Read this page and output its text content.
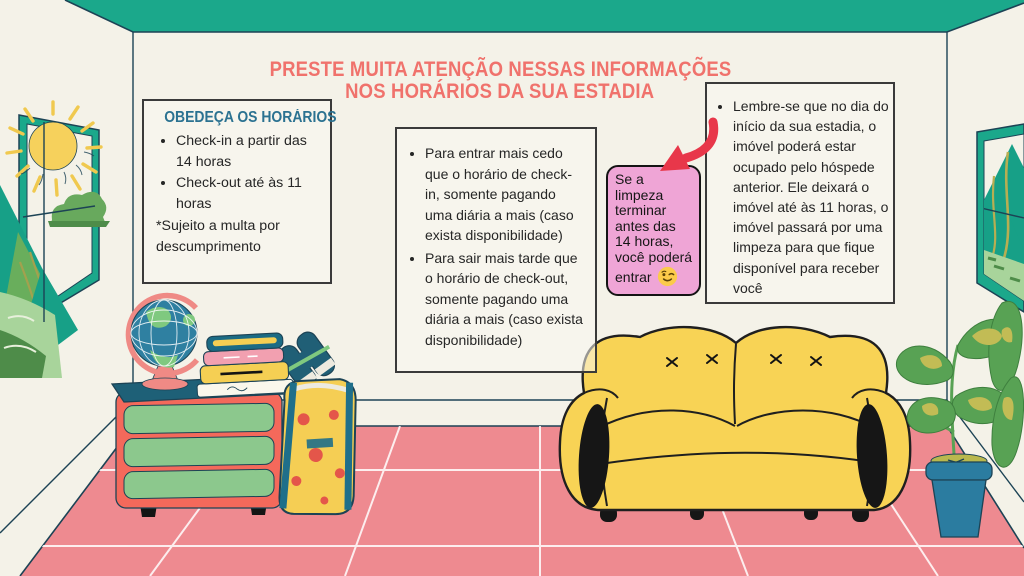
PRESTE MUITA ATENÇÃO NESSAS INFORMAÇÕES
NOS HORÁRIOS DA SUA ESTADIA
OBEDEÇA OS HORÁRIOS
• Check-in a partir das 14 horas
• Check-out até às 11 horas
*Sujeito a multa por descumprimento
• Para entrar mais cedo que o horário de check-in, somente pagando uma diária a mais (caso exista disponibilidade)
• Para sair mais tarde que o horário de check-out, somente pagando uma diária a mais (caso exista disponibilidade)
Se a limpeza terminar antes das 14 horas, você poderá entrar
• Lembre-se que no dia do início da sua estadia, o imóvel poderá estar ocupado pelo hóspede anterior. Ele deixará o imóvel até às 11 horas, o imóvel passará por uma limpeza para que fique disponível para receber você
